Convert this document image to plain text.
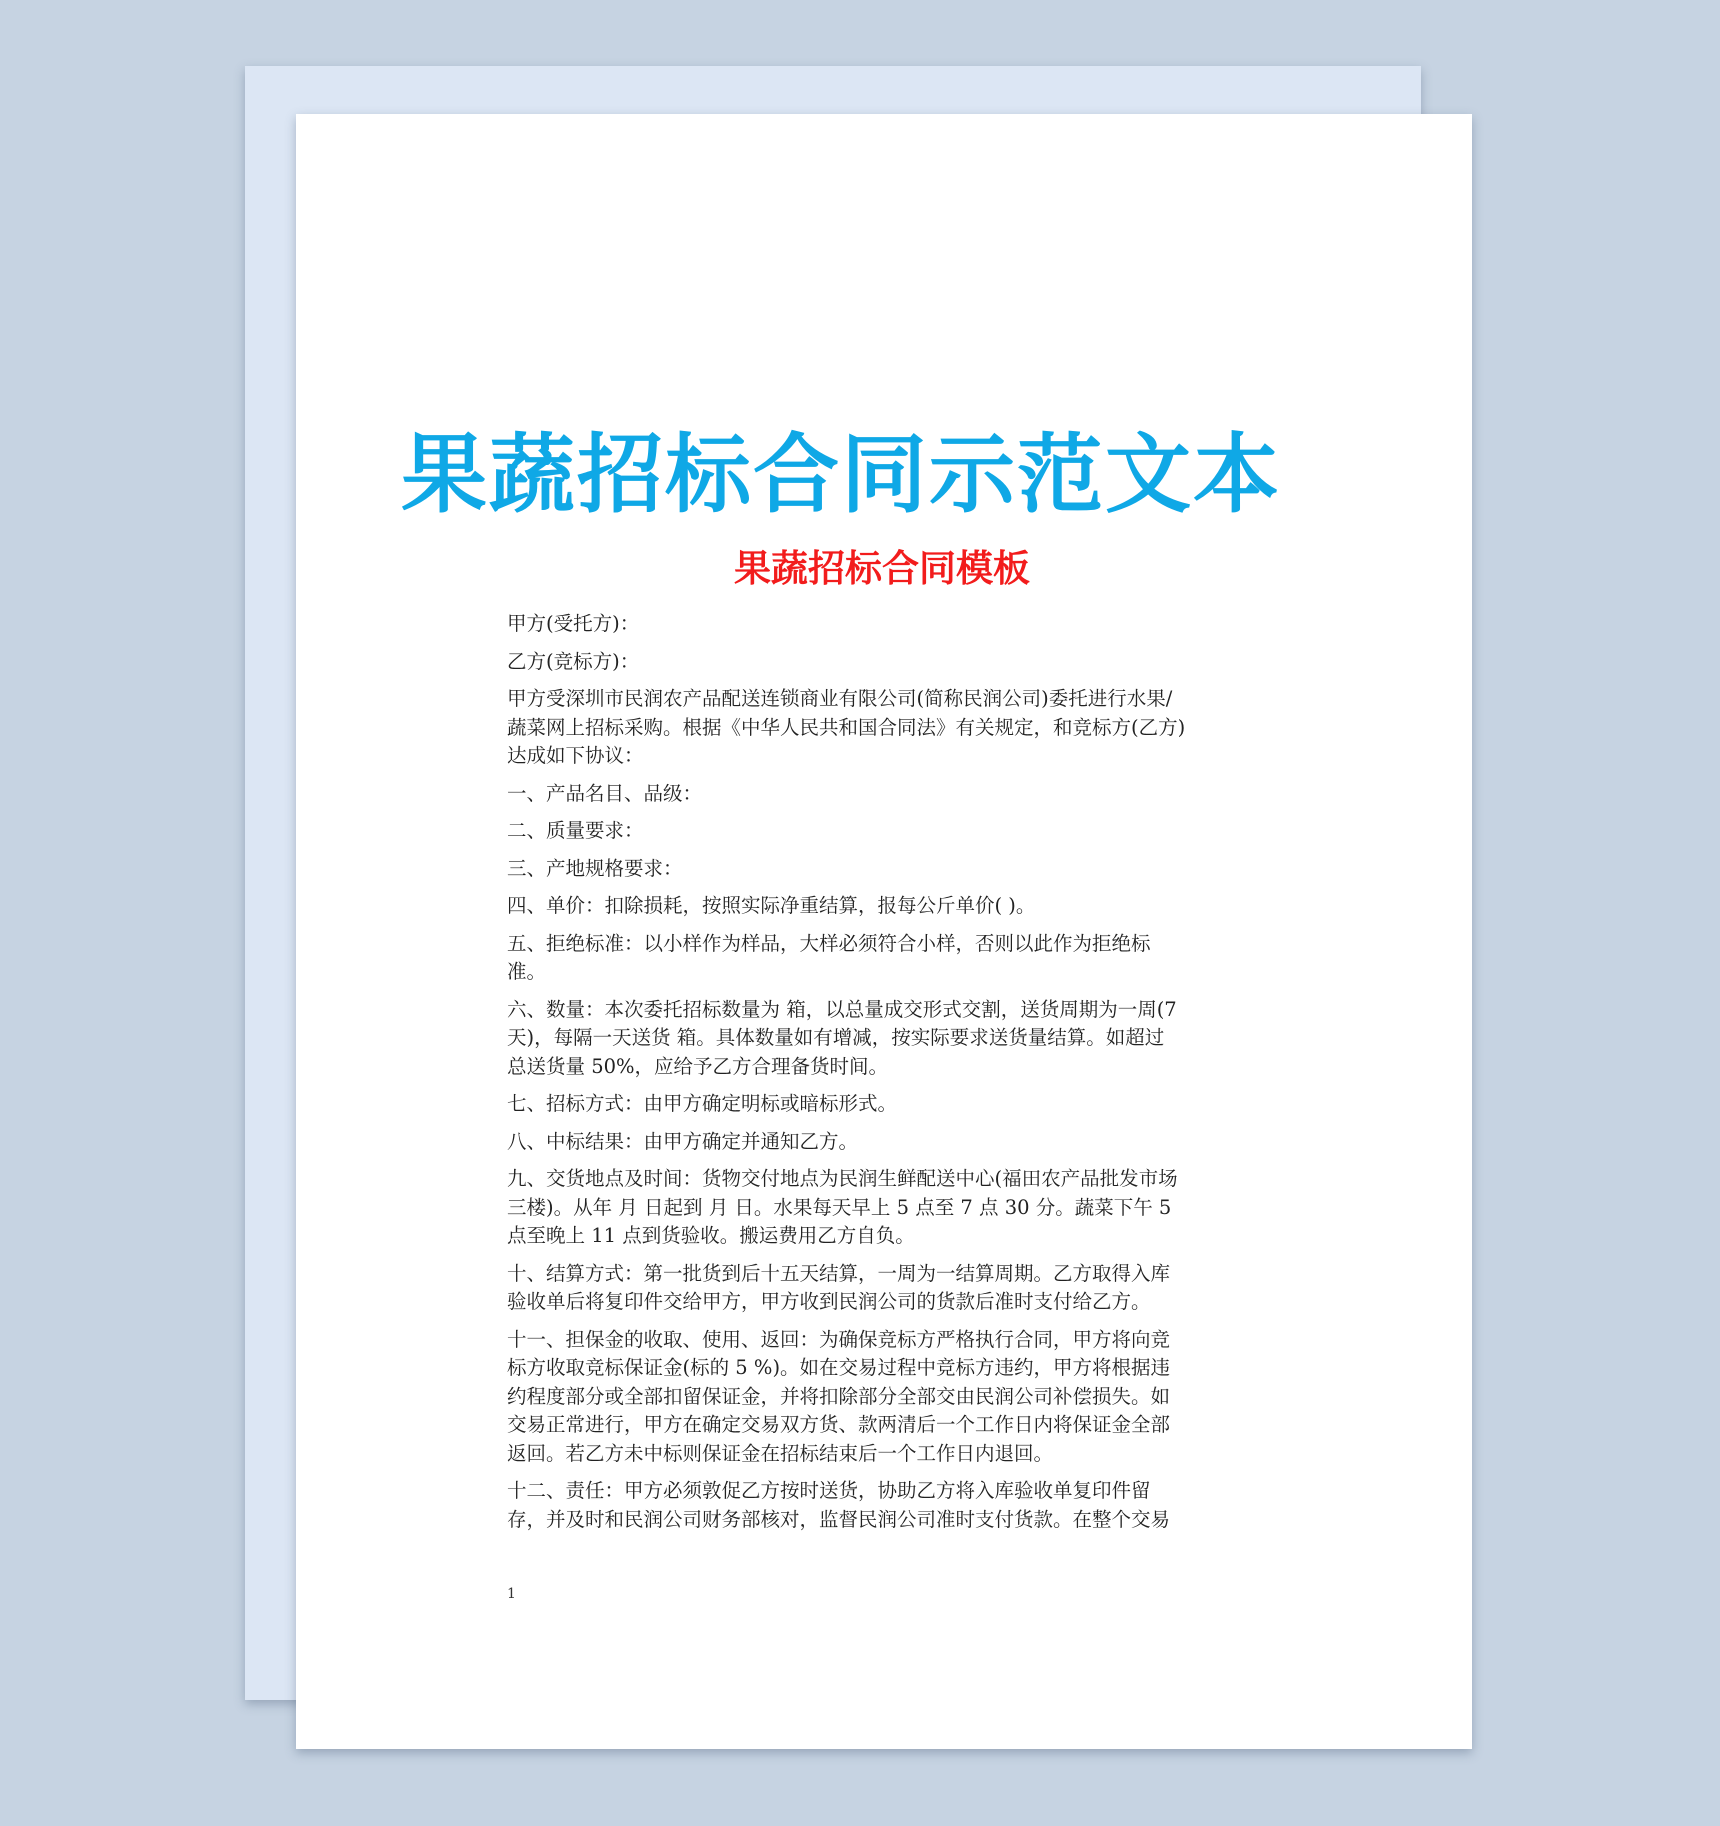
果蔬招标合同示范文本
果蔬招标合同模板
甲方(受托方)：
乙方(竞标方)：
甲方受深圳市民润农产品配送连锁商业有限公司(简称民润公司)委托进行水果/
蔬菜网上招标采购。根据《中华人民共和国合同法》有关规定，和竞标方(乙方)
达成如下协议：
一、产品名目、品级：
二、质量要求：
三、产地规格要求：
四、单价：扣除损耗，按照实际净重结算，报每公斤单价( )。
五、拒绝标准：以小样作为样品，大样必须符合小样，否则以此作为拒绝标
准。
六、数量：本次委托招标数量为 箱，以总量成交形式交割，送货周期为一周(7
天)，每隔一天送货 箱。具体数量如有增减，按实际要求送货量结算。如超过
总送货量 50%，应给予乙方合理备货时间。
七、招标方式：由甲方确定明标或暗标形式。
八、中标结果：由甲方确定并通知乙方。
九、交货地点及时间：货物交付地点为民润生鲜配送中心(福田农产品批发市场
三楼)。从年 月 日起到 月 日。水果每天早上 5 点至 7 点 30 分。蔬菜下午 5
点至晚上 11 点到货验收。搬运费用乙方自负。
十、结算方式：第一批货到后十五天结算，一周为一结算周期。乙方取得入库
验收单后将复印件交给甲方，甲方收到民润公司的货款后准时支付给乙方。
十一、担保金的收取、使用、返回：为确保竞标方严格执行合同，甲方将向竞
标方收取竞标保证金(标的 5 %)。如在交易过程中竞标方违约，甲方将根据违
约程度部分或全部扣留保证金，并将扣除部分全部交由民润公司补偿损失。如
交易正常进行，甲方在确定交易双方货、款两清后一个工作日内将保证金全部
返回。若乙方未中标则保证金在招标结束后一个工作日内退回。
十二、责任：甲方必须敦促乙方按时送货，协助乙方将入库验收单复印件留
存，并及时和民润公司财务部核对，监督民润公司准时支付货款。在整个交易
1
